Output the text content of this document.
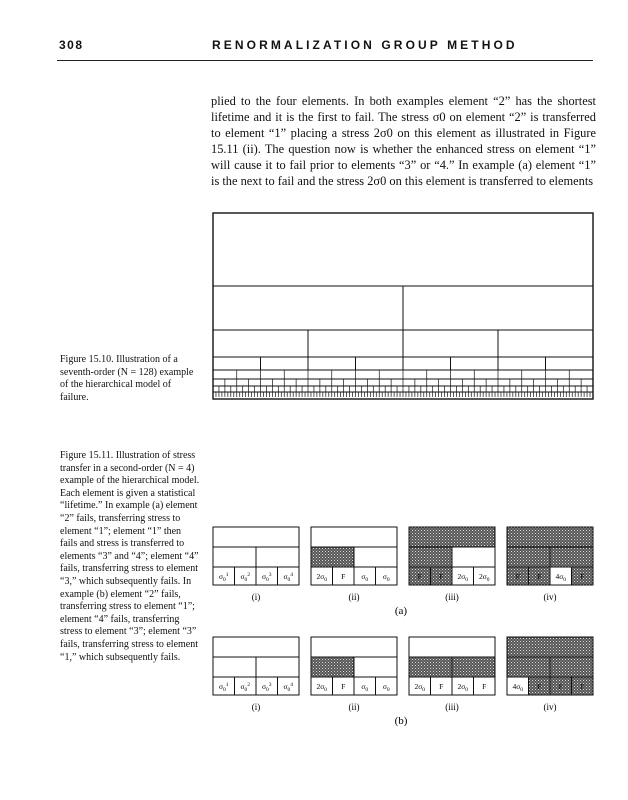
308	RENORMALIZATION GROUP METHOD

plied to the four elements. In both examples element “2” has the shortest lifetime and it is the first to fail. The stress σ0 on element “2” is transferred to element “1” placing a stress 2σ0 on this element as illustrated in Figure 15.11 (ii). The question now is whether the enhanced stress on element “1” will cause it to fail prior to elements “3” or “4.” In example (a) element “1” is the next to fail and the stress 2σ0 on this element is transferred to elements

Figure 15.10. Illustration of a seventh-order (N = 128) example of the hierarchical model of failure.
Figure 15.11. Illustration of stress transfer in a second-order (N = 4) example of the hierarchical model. Each element is given a statistical “lifetime.” In example (a) element “2” fails, transferring stress to element “1”; element “1” then fails and stress is transferred to elements “3” and “4”; element “4” fails, transferring stress to element “3,” which subsequently fails. In example (b) element “2” fails, transferring stress to element “1”; element “4” fails, transferring stress to element “3”; element “3” fails, transferring stress to element “1,” which subsequently fails.
$\sigma_0^1$ $\sigma_0^2$ $\sigma_0^3$ $\sigma_0^4$
(i)
$2\sigma_0$ F $\sigma_0$ $\sigma_0$
(ii)
F F $2\sigma_0$ $2\sigma_0$
(iii)
F F $4\sigma_0$ F
(iv)
(a)
$\sigma_0^1$ $\sigma_0^2$ $\sigma_0^3$ $\sigma_0^4$
(i)
$2\sigma_0$ F $\sigma_0$ $\sigma_0$
(ii)
$2\sigma_0$ F $2\sigma_0$ F
(iii)
$4\sigma_0$ F F F
(iv)
(b)
